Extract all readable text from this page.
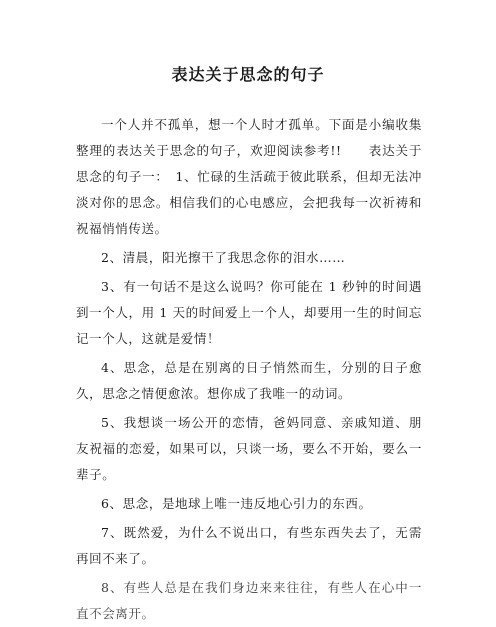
表达关于思念的句子

一个人并不孤单，想一个人时才孤单。下面是小编收集整理的表达关于思念的句子，欢迎阅读参考!!　　表达关于思念的句子一：　1、忙碌的生活疏于彼此联系，但却无法冲淡对你的思念。相信我们的心电感应，会把我每一次祈祷和祝福悄悄传送。

2、清晨，阳光擦干了我思念你的泪水……

3、有一句话不是这么说吗？你可能在 1 秒钟的时间遇到一个人，用 1 天的时间爱上一个人，却要用一生的时间忘记一个人，这就是爱情！

4、思念，总是在别离的日子悄然而生，分别的日子愈久，思念之情便愈浓。想你成了我唯一的动词。

5、我想谈一场公开的恋情，爸妈同意、亲戚知道、朋友祝福的恋爱，如果可以，只谈一场，要么不开始，要么一辈子。

6、思念，是地球上唯一违反地心引力的东西。

7、既然爱，为什么不说出口，有些东西失去了，无需再回不来了。

8、有些人总是在我们身边来来往往，有些人在心中一直不会离开。
